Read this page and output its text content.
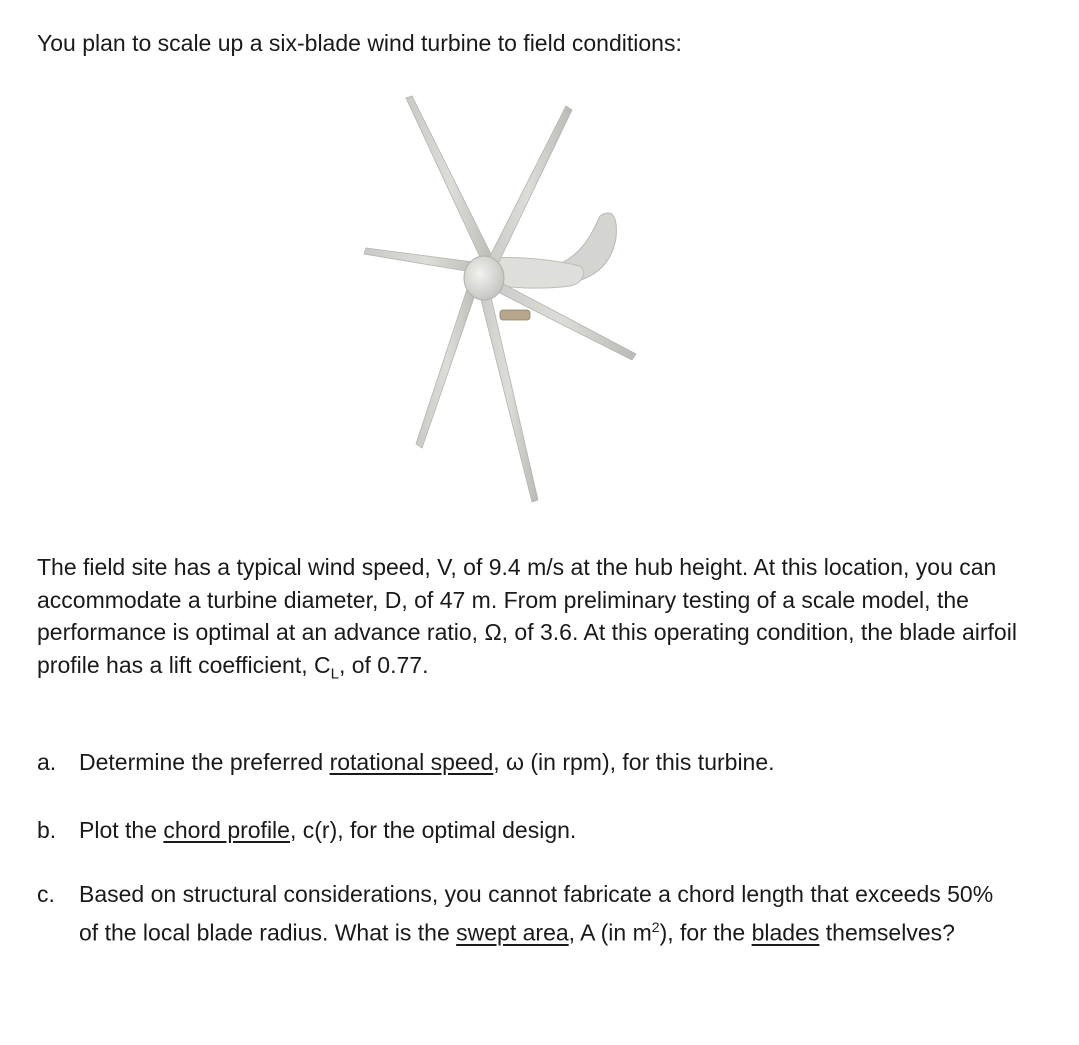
You plan to scale up a six-blade wind turbine to field conditions:

The field site has a typical wind speed, V, of 9.4 m/s at the hub height. At this location, you can accommodate a turbine diameter, D, of 47 m. From preliminary testing of a scale model, the performance is optimal at an advance ratio, Ω, of 3.6. At this operating condition, the blade airfoil profile has a lift coefficient, $C_L$, of 0.77.

a. Determine the preferred rotational speed, ω (in rpm), for this turbine.
b. Plot the chord profile, c(r), for the optimal design.
c. Based on structural considerations, you cannot fabricate a chord length that exceeds 50% of the local blade radius. What is the swept area, A (in $m^2$), for the blades themselves?
